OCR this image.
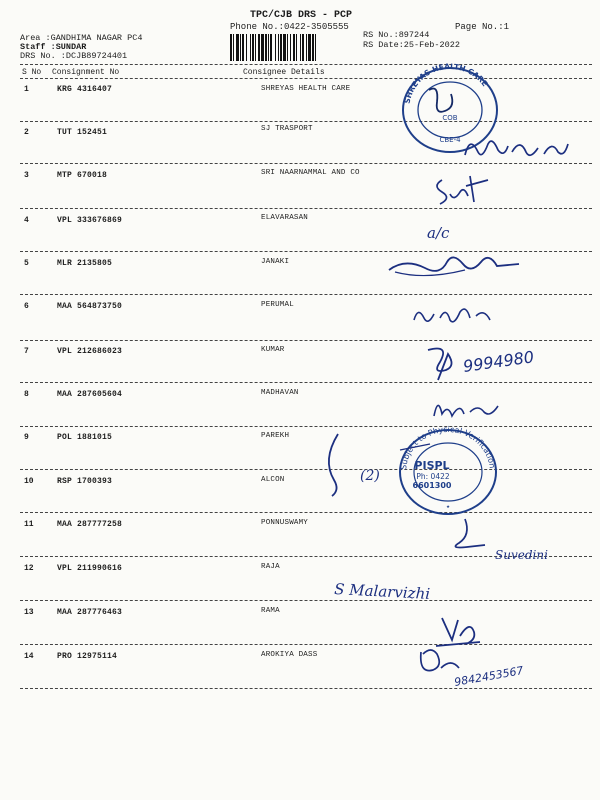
TPC/CJB DRS - PCP
Phone No.:0422-3505555	Page No.:1
Area :GANDHIMA NAGAR PC4
Staff :SUNDAR
DRS No. :DCJB89724401
RS No.:897244
RS Date:25-Feb-2022
S No Consignment No	Consignee Details
1	KRG 4316407	SHREYAS HEALTH CARE
2	TUT 152451	SJ TRASPORT
3	MTP 670018	SRI NAARNAMMAL AND CO
4	VPL 333676869	ELAVARASAN
5	MLR 2135805	JANAKI
6	MAA 564873750	PERUMAL
7	VPL 212686023	KUMAR
8	MAA 287605604	MADHAVAN
9	POL 1881015	PAREKH
10	RSP 1700393	ALCON
11	MAA 287777258	PONNUSWAMY
12	VPL 211990616	RAJA
13	MAA 287776463	RAMA
14	PRO 12975114	AROKIYA DASS
SHREYAS HEALTH CARE
COB
CBE-4
Subject to Physical Verification
PISPL
Ph: 0422
6601300
★
a/c
9994980
(2)
Suvedini
S Malarvizhi
9842453567
